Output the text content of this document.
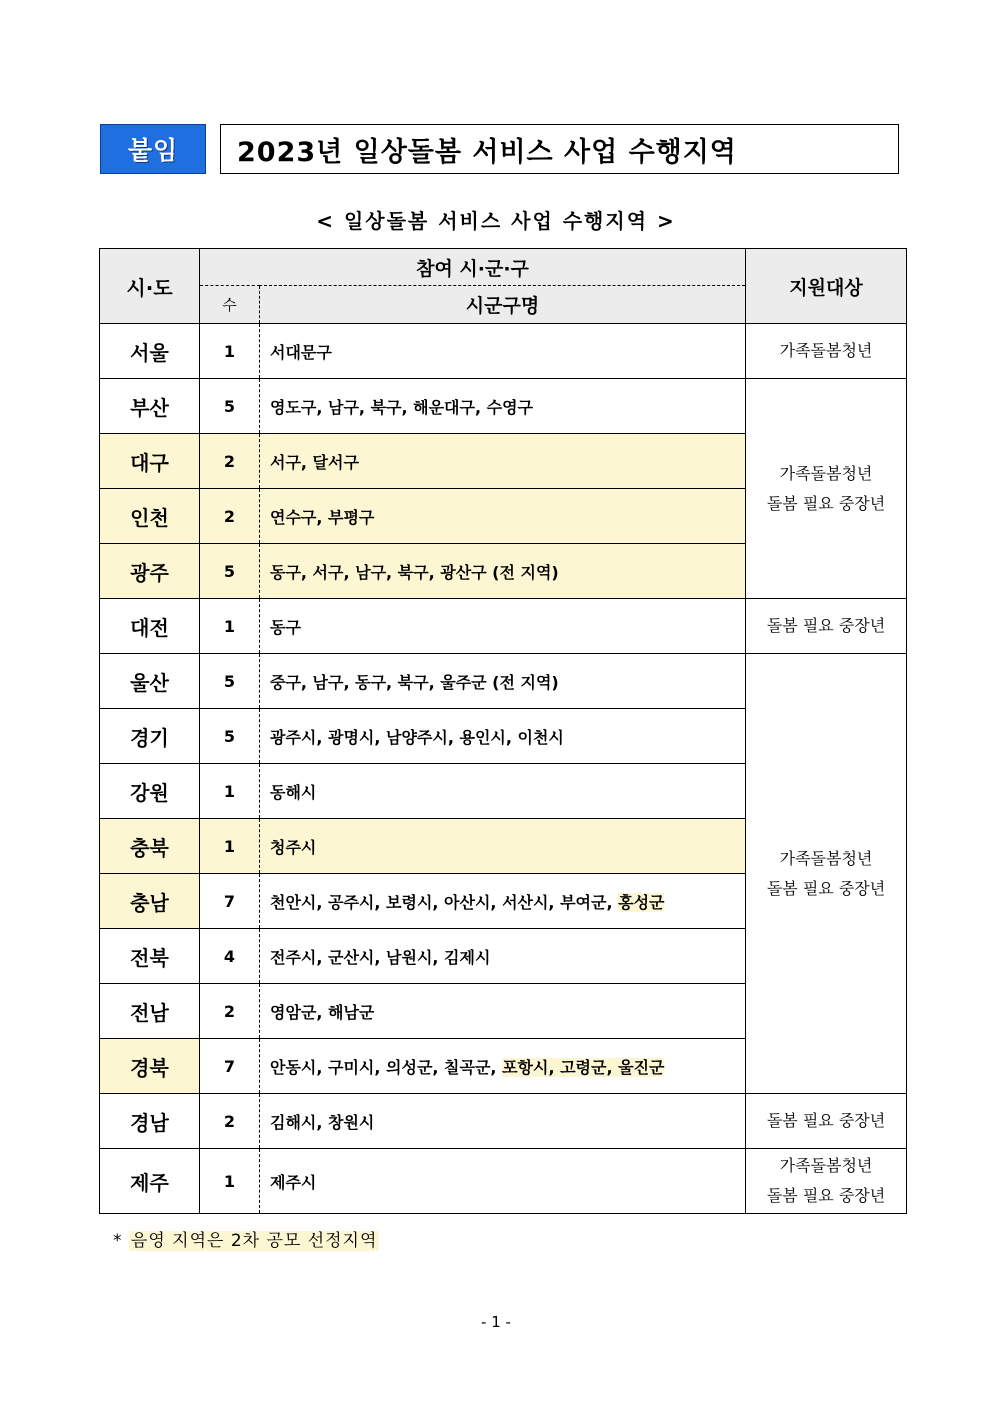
붙임	2023년 일상돌봄 서비스 사업 수행지역
< 일상돌봄 서비스 사업 수행지역 >
시·도	참여 시·군·구		지원대상
	수	시군구명	
서울	1	서대문구	가족돌봄청년
부산	5	영도구, 남구, 북구, 해운대구, 수영구	가족돌봄청년
돌봄 필요 중장년

대구	2	서구, 달서구	
인천	2	연수구, 부평구	
광주	5	동구, 서구, 남구, 북구, 광산구 (전 지역)	
대전	1	동구	돌봄 필요 중장년
울산	5	중구, 남구, 동구, 북구, 울주군 (전 지역)	가족돌봄청년
돌봄 필요 중장년

경기	5	광주시, 광명시, 남양주시, 용인시, 이천시	
강원	1	동해시	
충북	1	청주시	
충남	7	천안시, 공주시, 보령시, 아산시, 서산시, 부여군, 홍성군	
전북	4	전주시, 군산시, 남원시, 김제시	
전남	2	영암군, 해남군	
경북	7	안동시, 구미시, 의성군, 칠곡군, 포항시, 고령군, 울진군	
경남	2	김해시, 창원시	돌봄 필요 중장년
제주	1	제주시	가족돌봄청년
돌봄 필요 중장년
* 음영 지역은 2차 공모 선정지역
- 1 -
